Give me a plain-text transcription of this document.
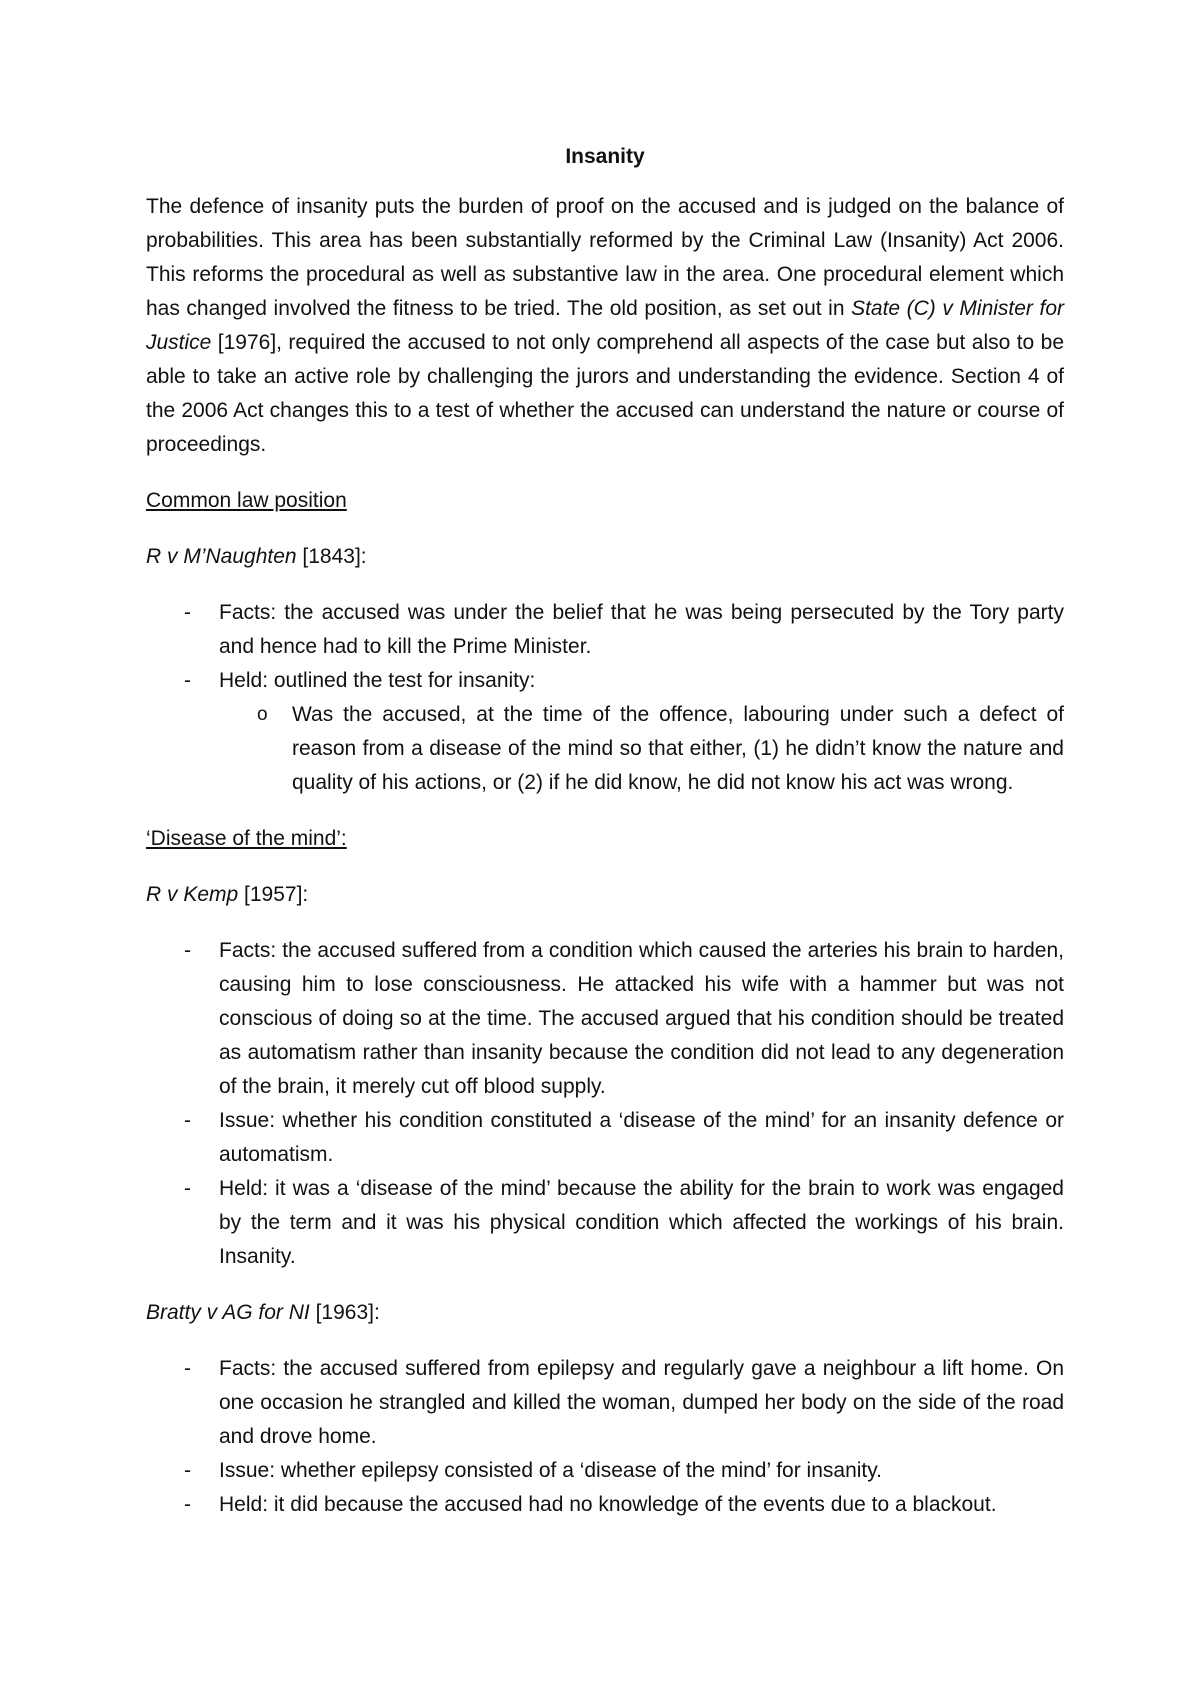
Insanity

The defence of insanity puts the burden of proof on the accused and is judged on the balance of probabilities. This area has been substantially reformed by the Criminal Law (Insanity) Act 2006. This reforms the procedural as well as substantive law in the area. One procedural element which has changed involved the fitness to be tried. The old position, as set out in State (C) v Minister for Justice [1976], required the accused to not only comprehend all aspects of the case but also to be able to take an active role by challenging the jurors and understanding the evidence. Section 4 of the 2006 Act changes this to a test of whether the accused can understand the nature or course of proceedings.

Common law position

R v M’Naughten [1843]:

- Facts: the accused was under the belief that he was being persecuted by the Tory party and hence had to kill the Prime Minister.
- Held: outlined the test for insanity:
o Was the accused, at the time of the offence, labouring under such a defect of reason from a disease of the mind so that either, (1) he didn’t know the nature and quality of his actions, or (2) if he did know, he did not know his act was wrong.

‘Disease of the mind’:

R v Kemp [1957]:

- Facts: the accused suffered from a condition which caused the arteries his brain to harden, causing him to lose consciousness. He attacked his wife with a hammer but was not conscious of doing so at the time. The accused argued that his condition should be treated as automatism rather than insanity because the condition did not lead to any degeneration of the brain, it merely cut off blood supply.
- Issue: whether his condition constituted a ‘disease of the mind’ for an insanity defence or automatism.
- Held: it was a ‘disease of the mind’ because the ability for the brain to work was engaged by the term and it was his physical condition which affected the workings of his brain. Insanity.

Bratty v AG for NI [1963]:

- Facts: the accused suffered from epilepsy and regularly gave a neighbour a lift home. On one occasion he strangled and killed the woman, dumped her body on the side of the road and drove home.
- Issue: whether epilepsy consisted of a ‘disease of the mind’ for insanity.
- Held: it did because the accused had no knowledge of the events due to a blackout.
